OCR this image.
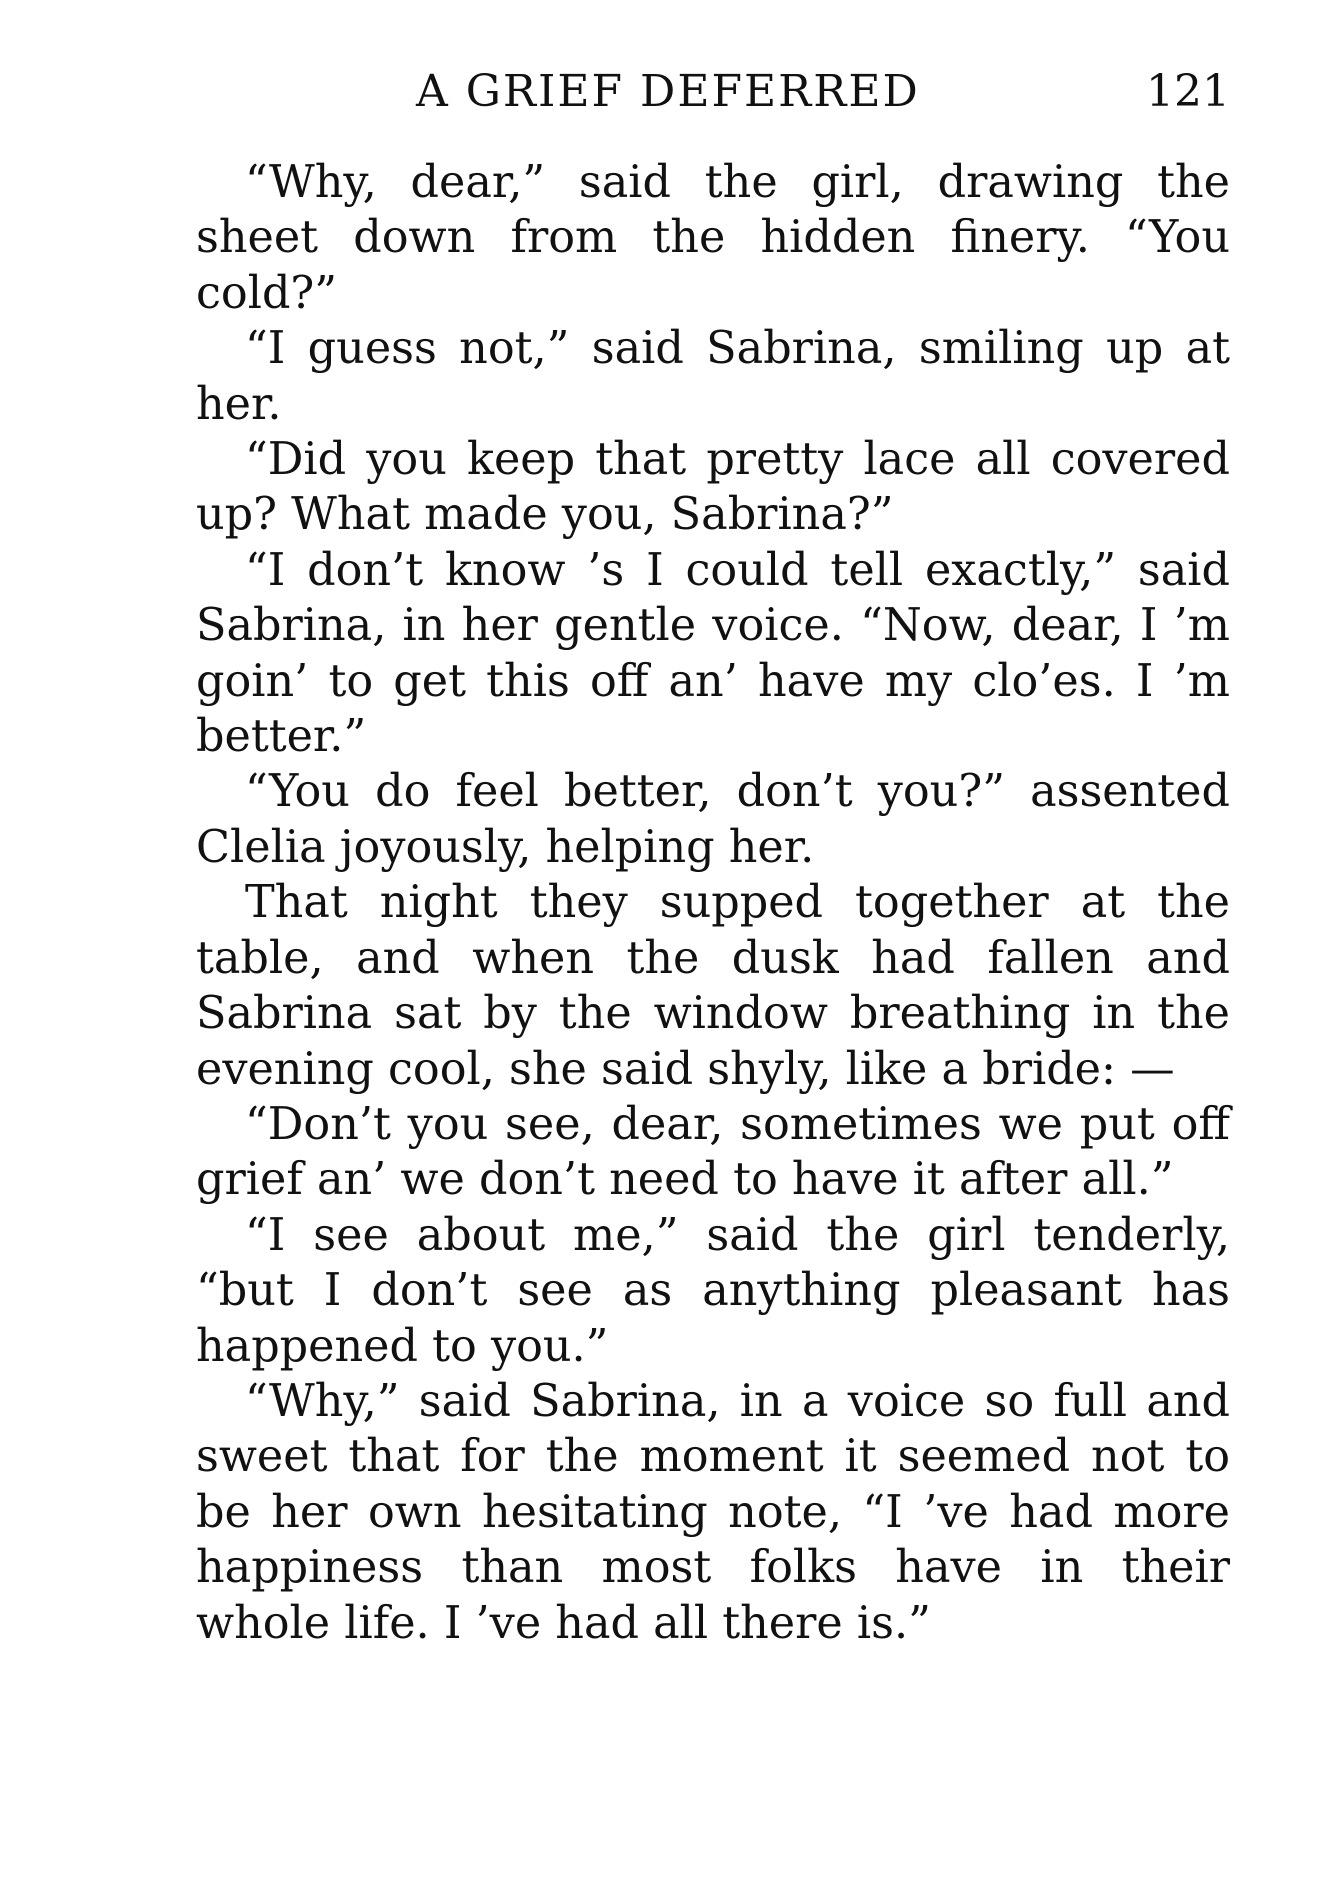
A GRIEF DEFERRED	121

“Why, dear,” said the girl, drawing the sheet down from the hidden finery. “You cold?”

“I guess not,” said Sabrina, smiling up at her.

“Did you keep that pretty lace all covered up? What made you, Sabrina?”

“I don’t know ’s I could tell exactly,” said Sabrina, in her gentle voice. “Now, dear, I ’m goin’ to get this off an’ have my clo’es. I ’m better.”

“You do feel better, don’t you?” assented Clelia joyously, helping her.

That night they supped together at the table, and when the dusk had fallen and Sabrina sat by the window breathing in the evening cool, she said shyly, like a bride: —

“Don’t you see, dear, sometimes we put off grief an’ we don’t need to have it after all.”

“I see about me,” said the girl tenderly, “but I don’t see as anything pleasant has happened to you.”

“Why,” said Sabrina, in a voice so full and sweet that for the moment it seemed not to be her own hesitating note, “I ’ve had more happiness than most folks have in their whole life. I ’ve had all there is.”
